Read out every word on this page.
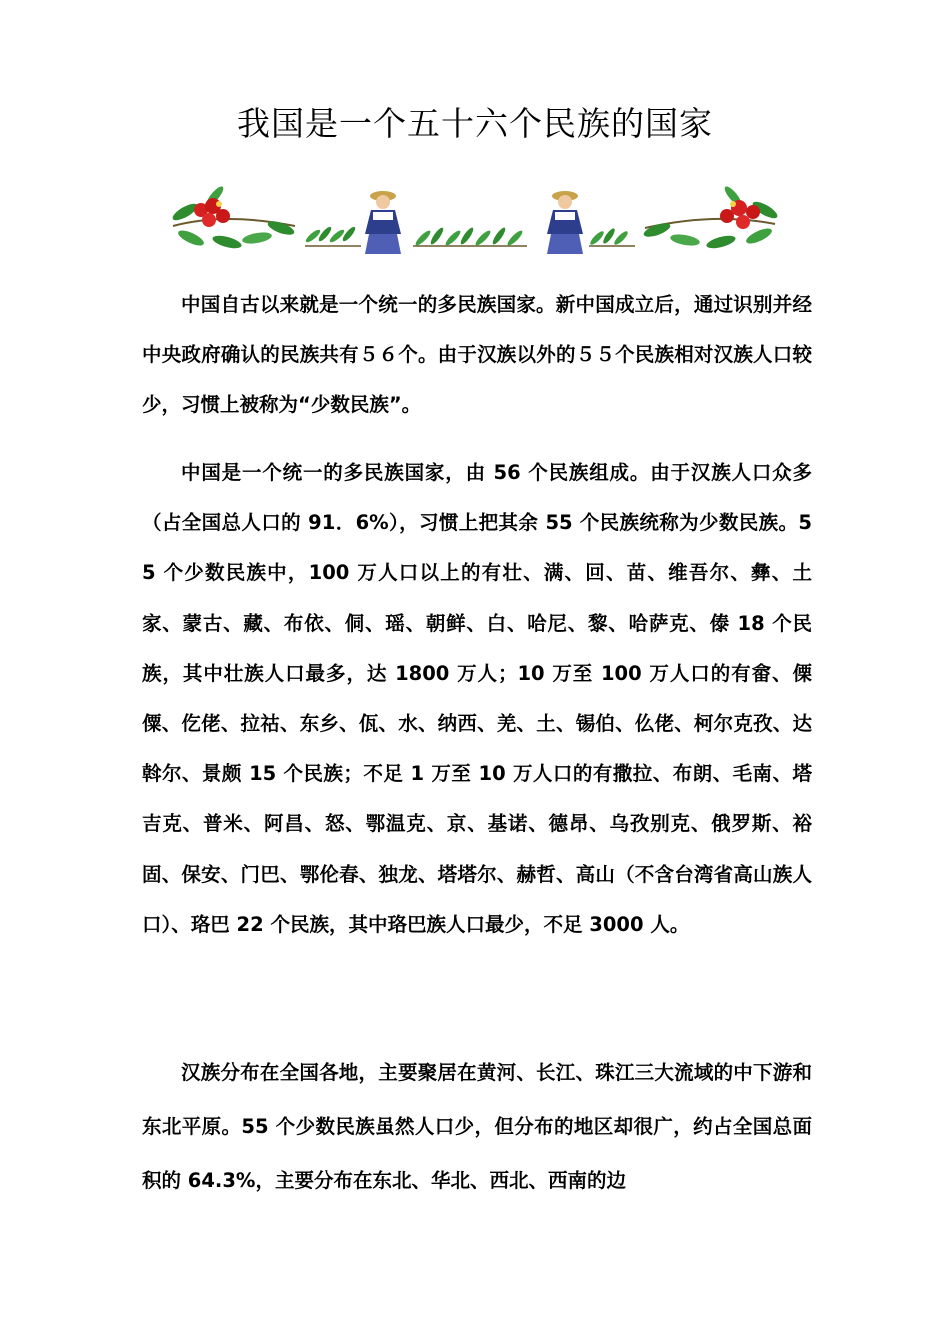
我国是一个五十六个民族的国家

中国自古以来就是一个统一的多民族国家。新中国成立后，通过识别并经中央政府确认的民族共有５６个。由于汉族以外的５５个民族相对汉族人口较少，习惯上被称为“少数民族”。

中国是一个统一的多民族国家，由 56 个民族组成。由于汉族人口众多（占全国总人口的 91．6%），习惯上把其余 55 个民族统称为少数民族。55 个少数民族中，100 万人口以上的有壮、满、回、苗、维吾尔、彝、土家、蒙古、藏、布依、侗、瑶、朝鲜、白、哈尼、黎、哈萨克、傣 18 个民族，其中壮族人口最多，达 1800 万人；10 万至 100 万人口的有畲、傈僳、仡佬、拉祜、东乡、佤、水、纳西、羌、土、锡伯、仫佬、柯尔克孜、达斡尔、景颇 15 个民族；不足 1 万至 10 万人口的有撒拉、布朗、毛南、塔吉克、普米、阿昌、怒、鄂温克、京、基诺、德昂、乌孜别克、俄罗斯、裕固、保安、门巴、鄂伦春、独龙、塔塔尔、赫哲、高山（不含台湾省高山族人口）、珞巴 22 个民族，其中珞巴族人口最少，不足 3000 人。

汉族分布在全国各地，主要聚居在黄河、长江、珠江三大流域的中下游和东北平原。55 个少数民族虽然人口少，但分布的地区却很广，约占全国总面积的 64.3%，主要分布在东北、华北、西北、西南的边
